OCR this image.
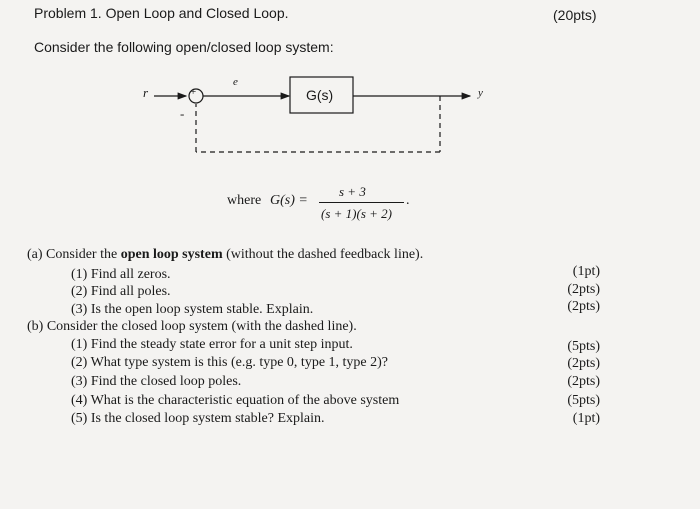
Problem 1. Open Loop and Closed Loop.	(20pts)
Consider the following open/closed loop system:
r	+
-
e
G(s)	y
where G(s) =
s + 3
(s + 1)(s + 2)
.
(a) Consider the open loop system (without the dashed feedback line).
(1) Find all zeros.	(1pt)
(2) Find all poles.	(2pts)
(3) Is the open loop system stable. Explain.	(2pts)
(b) Consider the closed loop system (with the dashed line).
(1) Find the steady state error for a unit step input.	(5pts)
(2) What type system is this (e.g. type 0, type 1, type 2)?	(2pts)
(3) Find the closed loop poles.	(2pts)
(4) What is the characteristic equation of the above system	(5pts)
(5) Is the closed loop system stable? Explain.	(1pt)
